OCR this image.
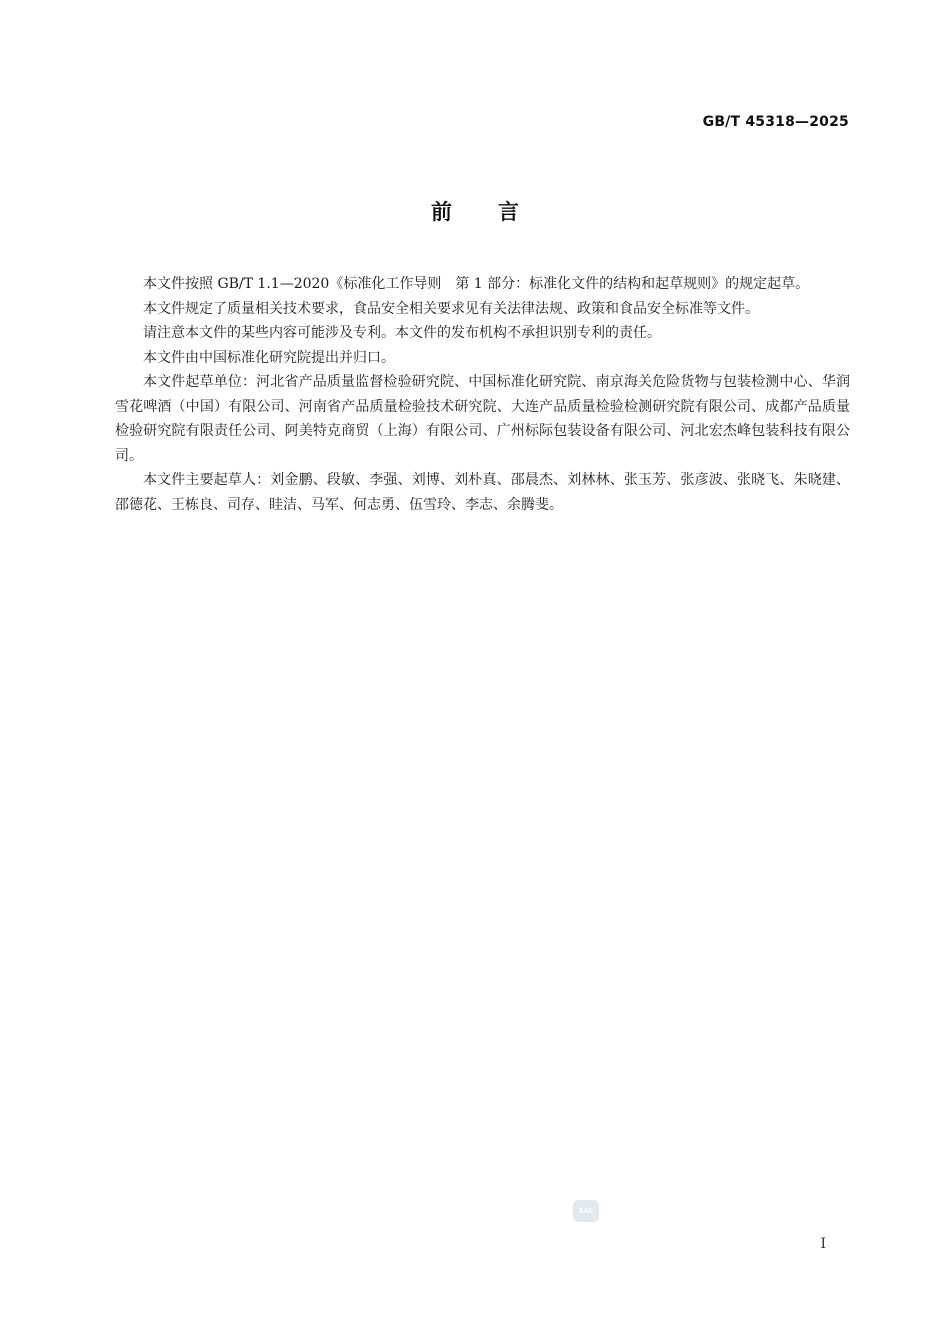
GB/T 45318—2025
前言

本文件按照 GB/T 1.1—2020《标准化工作导则　第 1 部分：标准化文件的结构和起草规则》的规定起草。

本文件规定了质量相关技术要求，食品安全相关要求见有关法律法规、政策和食品安全标准等文件。

请注意本文件的某些内容可能涉及专利。本文件的发布机构不承担识别专利的责任。

本文件由中国标准化研究院提出并归口。

本文件起草单位：河北省产品质量监督检验研究院、中国标准化研究院、南京海关危险货物与包装检测中心、华润雪花啤酒（中国）有限公司、河南省产品质量检验技术研究院、大连产品质量检验检测研究院有限公司、成都产品质量检验研究院有限责任公司、阿美特克商贸（上海）有限公司、广州标际包装设备有限公司、河北宏杰峰包装科技有限公司。

本文件主要起草人：刘金鹏、段敏、李强、刘博、刘朴真、邵晨杰、刘林林、张玉芳、张彦波、张晓飞、朱晓建、邵德花、王栋良、司存、眭洁、马军、何志勇、伍雪玲、李志、余腾斐。

SAC
I
